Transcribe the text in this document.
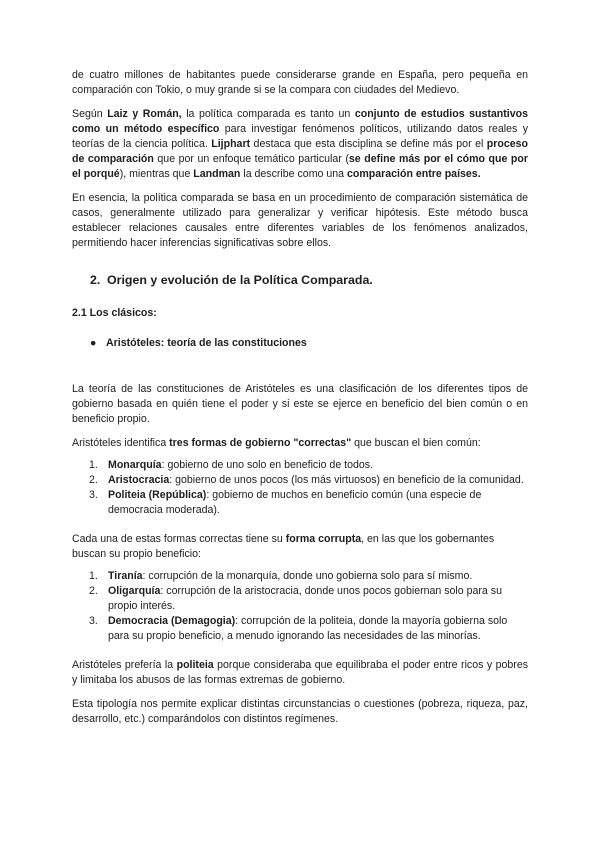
de cuatro millones de habitantes puede considerarse grande en España, pero pequeña en comparación con Tokio, o muy grande si se la compara con ciudades del Medievo.

Según Laiz y Román, la política comparada es tanto un conjunto de estudios sustantivos como un método específico para investigar fenómenos políticos, utilizando datos reales y teorías de la ciencia política. Lijphart destaca que esta disciplina se define más por el proceso de comparación que por un enfoque temático particular (se define más por el cómo que por el porqué), mientras que Landman la describe como una comparación entre países.

En esencia, la política comparada se basa en un procedimiento de comparación sistemática de casos, generalmente utilizado para generalizar y verificar hipótesis. Este método busca establecer relaciones causales entre diferentes variables de los fenómenos analizados, permitiendo hacer inferencias significativas sobre ellos.

2. Origen y evolución de la Política Comparada.

2.1 Los clásicos:

● Aristóteles: teoría de las constituciones

La teoría de las constituciones de Aristóteles es una clasificación de los diferentes tipos de gobierno basada en quién tiene el poder y si este se ejerce en beneficio del bien común o en beneficio propio.

Aristóteles identifica tres formas de gobierno "correctas" que buscan el bien común:

1. Monarquía: gobierno de uno solo en beneficio de todos.
2. Aristocracia: gobierno de unos pocos (los más virtuosos) en beneficio de la comunidad.
3. Politeia (República): gobierno de muchos en beneficio común (una especie de democracia moderada).

Cada una de estas formas correctas tiene su forma corrupta, en las que los gobernantes buscan su propio beneficio:

1. Tiranía: corrupción de la monarquía, donde uno gobierna solo para sí mismo.
2. Oligarquía: corrupción de la aristocracia, donde unos pocos gobiernan solo para su propio interés.
3. Democracia (Demagogia): corrupción de la politeia, donde la mayoría gobierna solo para su propio beneficio, a menudo ignorando las necesidades de las minorías.

Aristóteles prefería la politeia porque consideraba que equilibraba el poder entre ricos y pobres y limitaba los abusos de las formas extremas de gobierno.

Esta tipología nos permite explicar distintas circunstancias o cuestiones (pobreza, riqueza, paz, desarrollo, etc.) comparándolos con distintos regímenes.
